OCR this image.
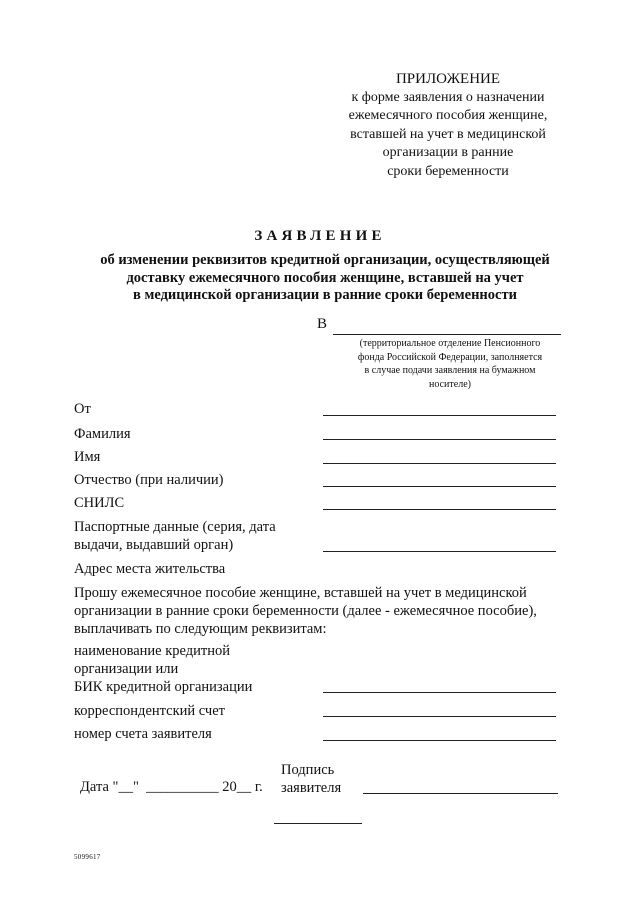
ПРИЛОЖЕНИЕ
к форме заявления о назначении
ежемесячного пособия женщине,
вставшей на учет в медицинской
организации в ранние
сроки беременности
ЗАЯВЛЕНИЕ
об изменении реквизитов кредитной организации, осуществляющей
доставку ежемесячного пособия женщине, вставшей на учет
в медицинской организации в ранние сроки беременности
В
(территориальное отделение Пенсионного
фонда Российской Федерации, заполняется
в случае подачи заявления на бумажном
носителе)
От
Фамилия
Имя
Отчество (при наличии)
СНИЛС
Паспортные данные (серия, дата
выдачи, выдавший орган)
Адрес места жительства
Прошу ежемесячное пособие женщине, вставшей на учет в медицинской
организации в ранние сроки беременности (далее - ежемесячное пособие),
выплачивать по следующим реквизитам:
наименование кредитной
организации или
БИК кредитной организации
корреспондентский счет
номер счета заявителя
Подпись
заявителя
Дата "__"  __________ 20__ г.
5099617
